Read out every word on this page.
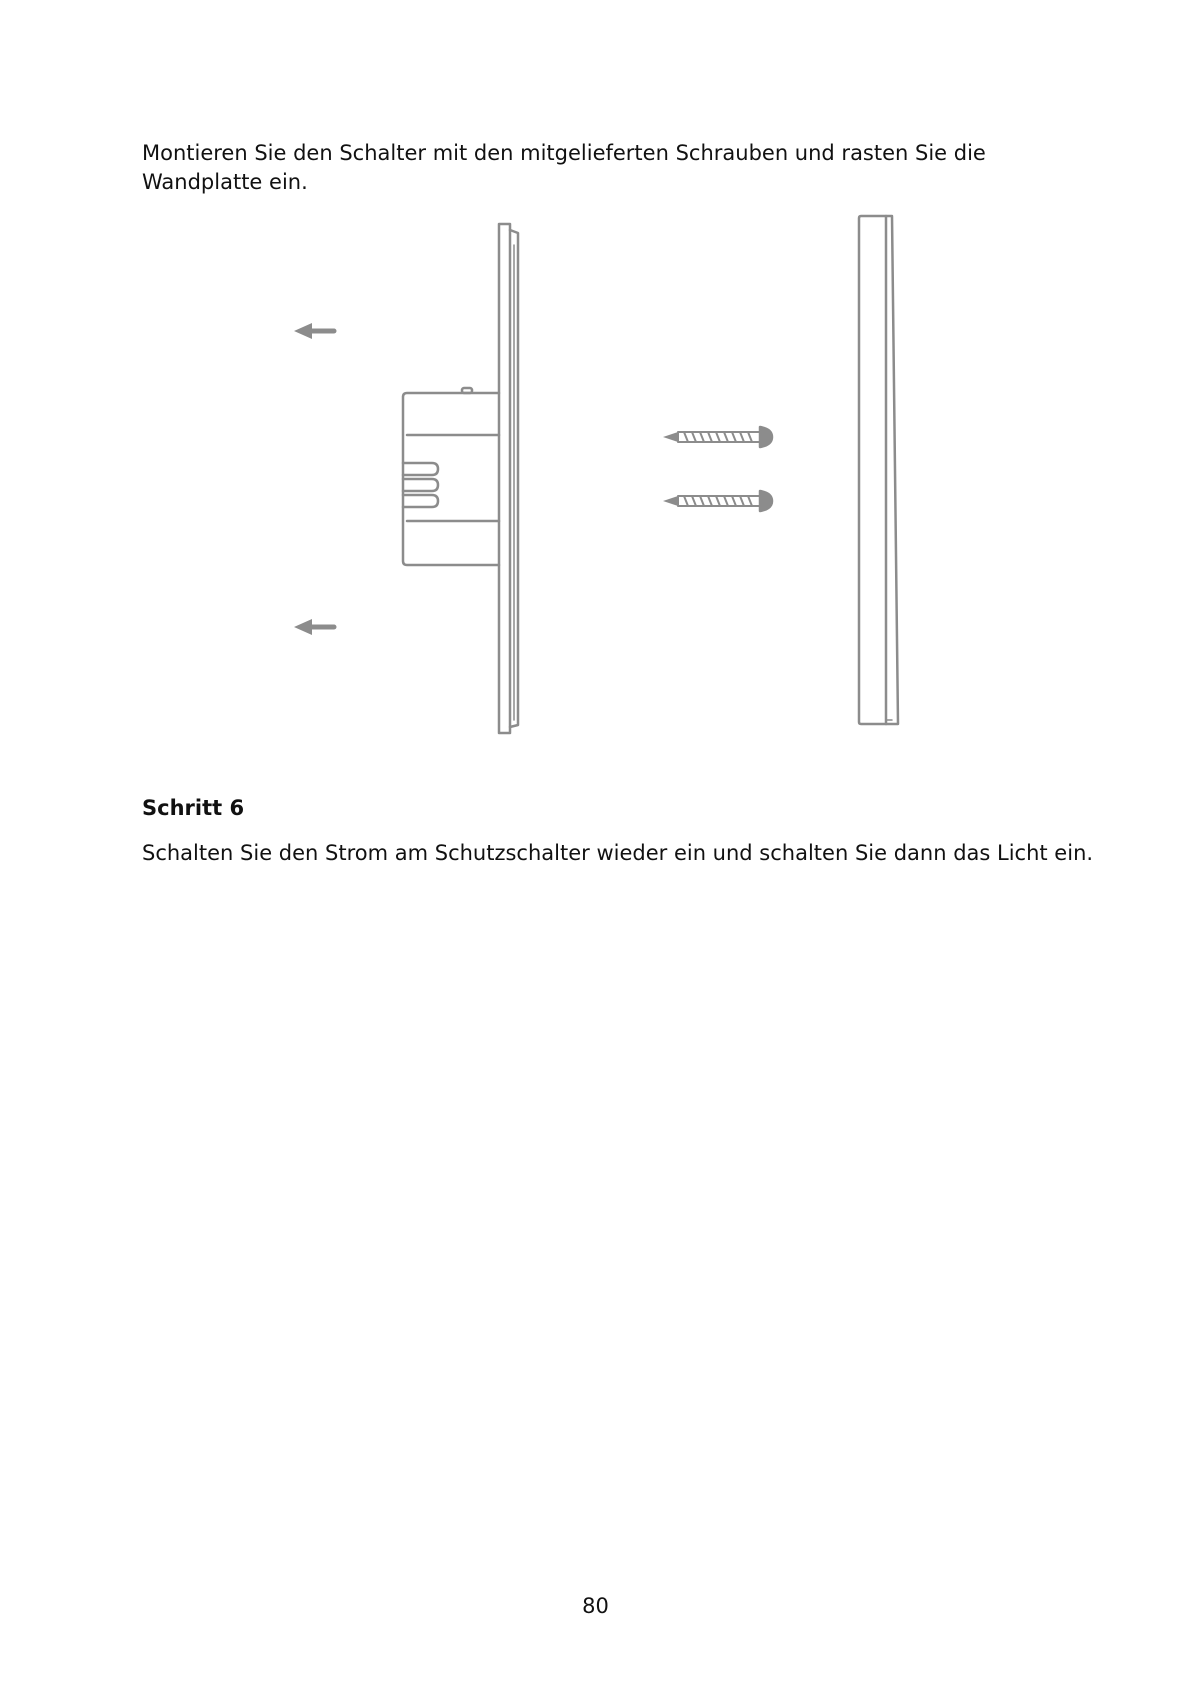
Montieren Sie den Schalter mit den mitgelieferten Schrauben und rasten Sie die Wandplatte ein.

Schritt 6

Schalten Sie den Strom am Schutzschalter wieder ein und schalten Sie dann das Licht ein.

80
